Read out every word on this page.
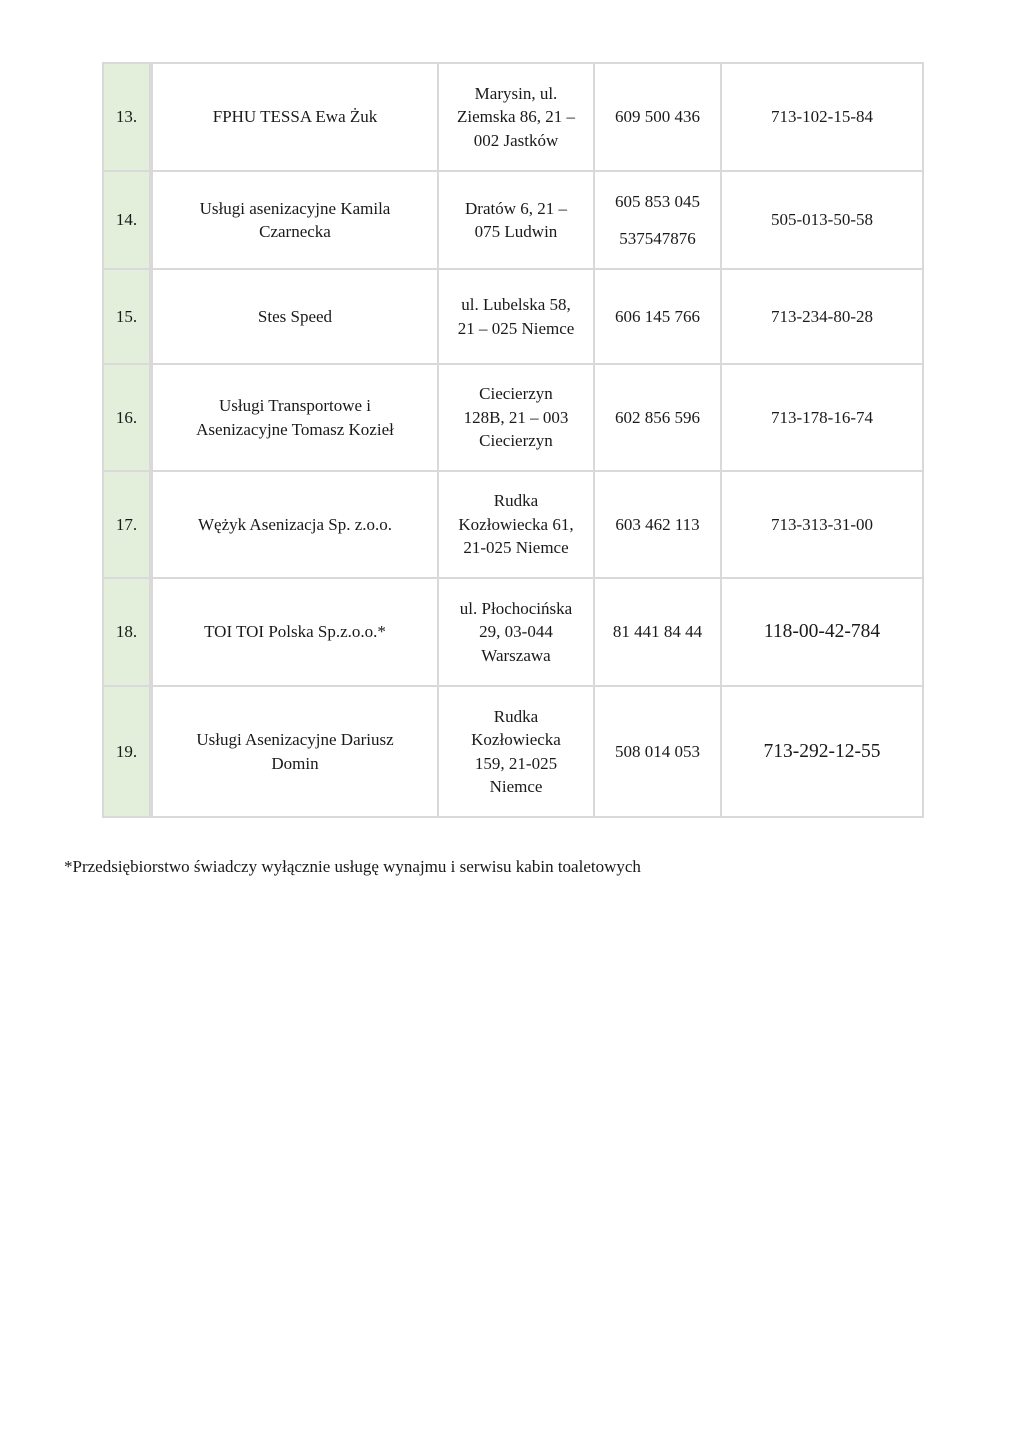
13.	FPHU TESSA Ewa Żuk	Marysin, ul.
Ziemska 86, 21 –
002 Jastków	609 500 436	713-102-15-84
14.	Usługi asenizacyjne Kamila
Czarnecka	Dratów 6, 21 –
075 Ludwin	605 853 045
537547876	505-013-50-58
15.	Stes Speed	ul. Lubelska 58,
21 – 025 Niemce	606 145 766	713-234-80-28
16.	Usługi Transportowe i
Asenizacyjne Tomasz Kozieł	Ciecierzyn
128B, 21 – 003
Ciecierzyn	602 856 596	713-178-16-74
17.	Wężyk Asenizacja Sp. z.o.o.	Rudka
Kozłowiecka 61,
21-025 Niemce	603 462 113	713-313-31-00
18.	TOI TOI Polska Sp.z.o.o.*	ul. Płochocińska
29, 03-044
Warszawa	81 441 84 44	118-00-42-784
19.	Usługi Asenizacyjne Dariusz
Domin	Rudka
Kozłowiecka
159, 21-025
Niemce	508 014 053	713-292-12-55
*Przedsiębiorstwo świadczy wyłącznie usługę wynajmu i serwisu kabin toaletowych
